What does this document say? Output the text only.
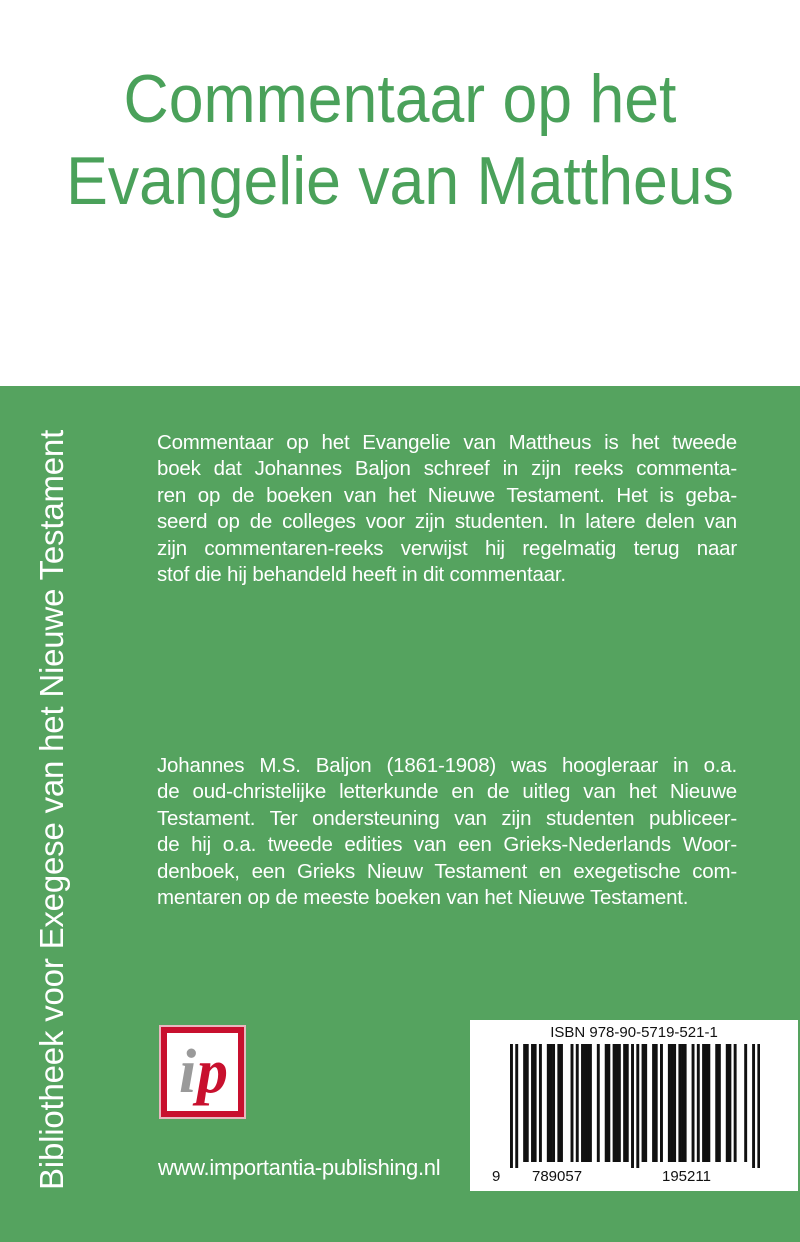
Commentaar op het
Evangelie van Mattheus
Bibliotheek voor Exegese van het Nieuwe Testament	Commentaar op het Evangelie van Mattheus is het tweede
boek dat Johannes Baljon schreef in zijn reeks commenta-
ren op de boeken van het Nieuwe Testament. Het is geba-
seerd op de colleges voor zijn studenten. In latere delen van
zijn commentaren-reeks verwijst hij regelmatig terug naar
stof die hij behandeld heeft in dit commentaar.
Johannes M.S. Baljon (1861-1908) was hoogleraar in o.a.
de oud-christelijke letterkunde en de uitleg van het Nieuwe
Testament. Ter ondersteuning van zijn studenten publiceer-
de hij o.a. tweede edities van een Grieks-Nederlands Woor-
denboek, een Grieks Nieuw Testament en exegetische com-
mentaren op de meeste boeken van het Nieuwe Testament.
i p
www.importantia-publishing.nl
ISBN 978-90-5719-521-1
9 789057	195211
